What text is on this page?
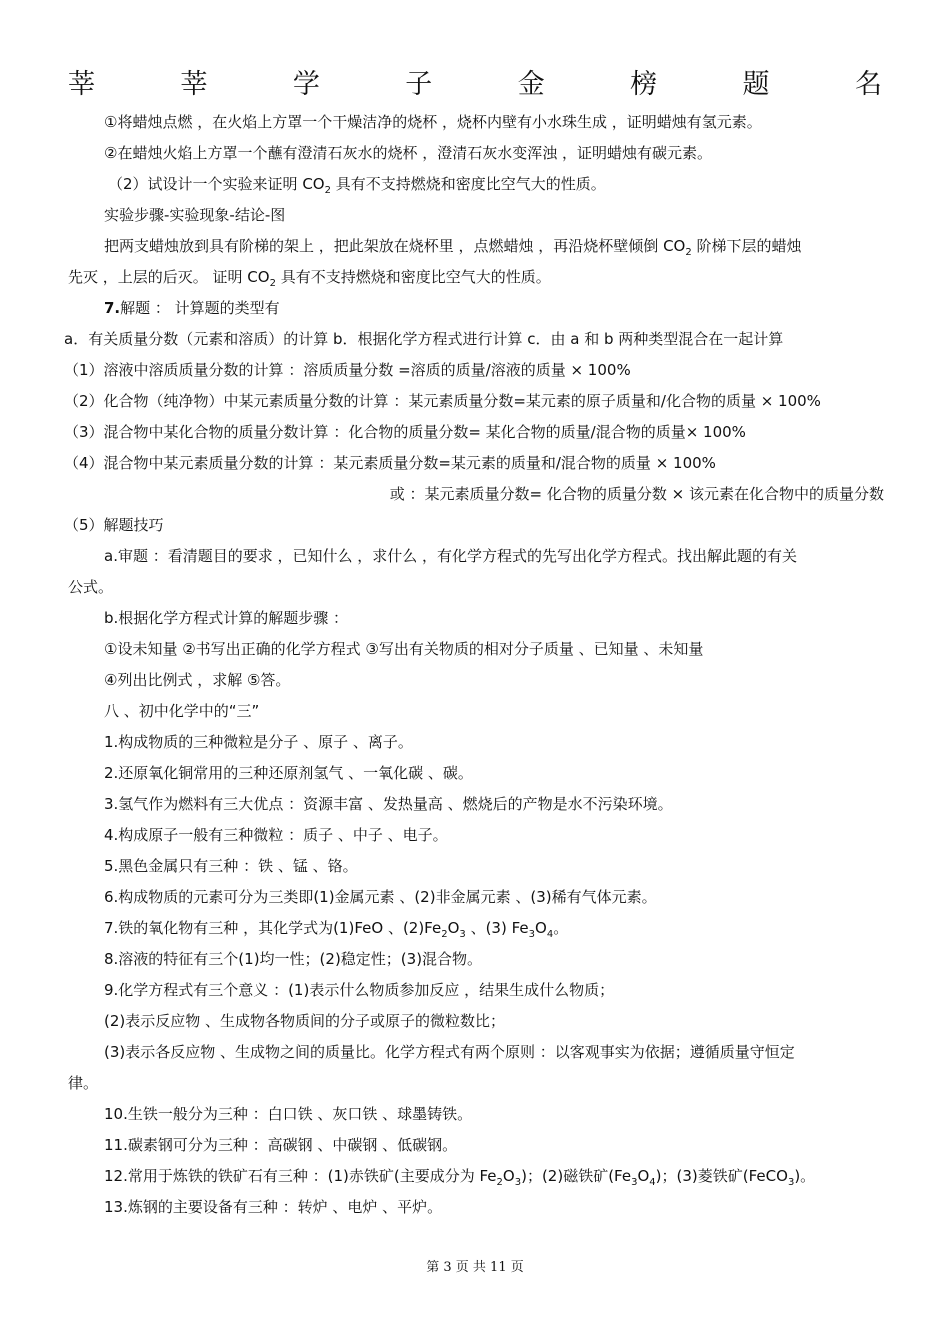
莘	莘	学	子	金	榜	题	名
①将蜡烛点燃 ，在火焰上方罩一个干燥洁净的烧杯 ，烧杯内壁有小水珠生成 ，证明蜡烛有氢元素。
②在蜡烛火焰上方罩一个蘸有澄清石灰水的烧杯 ，澄清石灰水变浑浊 ，证明蜡烛有碳元素。
（2）试设计一个实验来证明 $CO_2$ 具有不支持燃烧和密度比空气大的性质。
实验步骤-实验现象-结论-图
把两支蜡烛放到具有阶梯的架上 ，把此架放在烧杯里 ，点燃蜡烛 ，再沿烧杯壁倾倒 $CO_2$ 阶梯下层的蜡烛
先灭 ，上层的后灭。 证明 $CO_2$ 具有不支持燃烧和密度比空气大的性质。
7.解题 ： 计算题的类型有
a．有关质量分数（元素和溶质）的计算 b．根据化学方程式进行计算 c．由 a 和 b 两种类型混合在一起计算
（1）溶液中溶质质量分数的计算 ：溶质质量分数 =溶质的质量/溶液的质量 × 100%
（2）化合物（纯净物）中某元素质量分数的计算 ：某元素质量分数=某元素的原子质量和/化合物的质量 × 100%
（3）混合物中某化合物的质量分数计算 ：化合物的质量分数= 某化合物的质量/混合物的质量× 100%
（4）混合物中某元素质量分数的计算 ：某元素质量分数=某元素的质量和/混合物的质量 × 100%
或 ：某元素质量分数= 化合物的质量分数 × 该元素在化合物中的质量分数
（5）解题技巧
a.审题 ：看清题目的要求 ，已知什么 ，求什么 ，有化学方程式的先写出化学方程式。找出解此题的有关
公式。
b.根据化学方程式计算的解题步骤 ：
①设未知量 ②书写出正确的化学方程式 ③写出有关物质的相对分子质量 、已知量 、未知量
④列出比例式 ，求解 ⑤答。
八 、初中化学中的“三”
1.构成物质的三种微粒是分子 、原子 、离子。
2.还原氧化铜常用的三种还原剂氢气 、一氧化碳 、碳。
3.氢气作为燃料有三大优点 ：资源丰富 、发热量高 、燃烧后的产物是水不污染环境。
4.构成原子一般有三种微粒 ：质子 、中子 、电子。
5.黑色金属只有三种 ：铁 、锰 、铬。
6.构成物质的元素可分为三类即(1)金属元素 、(2)非金属元素 、(3)稀有气体元素。
7.铁的氧化物有三种 ，其化学式为(1)FeO 、$(2)Fe_2O_3$ 、(3) $Fe_3O_4$。
8.溶液的特征有三个(1)均一性；(2)稳定性；(3)混合物。
9.化学方程式有三个意义 ：(1)表示什么物质参加反应 ，结果生成什么物质；
(2)表示反应物 、生成物各物质间的分子或原子的微粒数比；
(3)表示各反应物 、生成物之间的质量比。化学方程式有两个原则 ：以客观事实为依据；遵循质量守恒定
律。
10.生铁一般分为三种 ：白口铁 、灰口铁 、球墨铸铁。
11.碳素钢可分为三种 ：高碳钢 、中碳钢 、低碳钢。
12.常用于炼铁的铁矿石有三种 ：(1)赤铁矿(主要成分为 $Fe_2O_3$)；(2)磁铁矿$(Fe_3O_4)$；(3)菱铁矿(FeCO$_3$)。
13.炼钢的主要设备有三种 ：转炉 、电炉 、平炉。
第 3 页 共 11 页
